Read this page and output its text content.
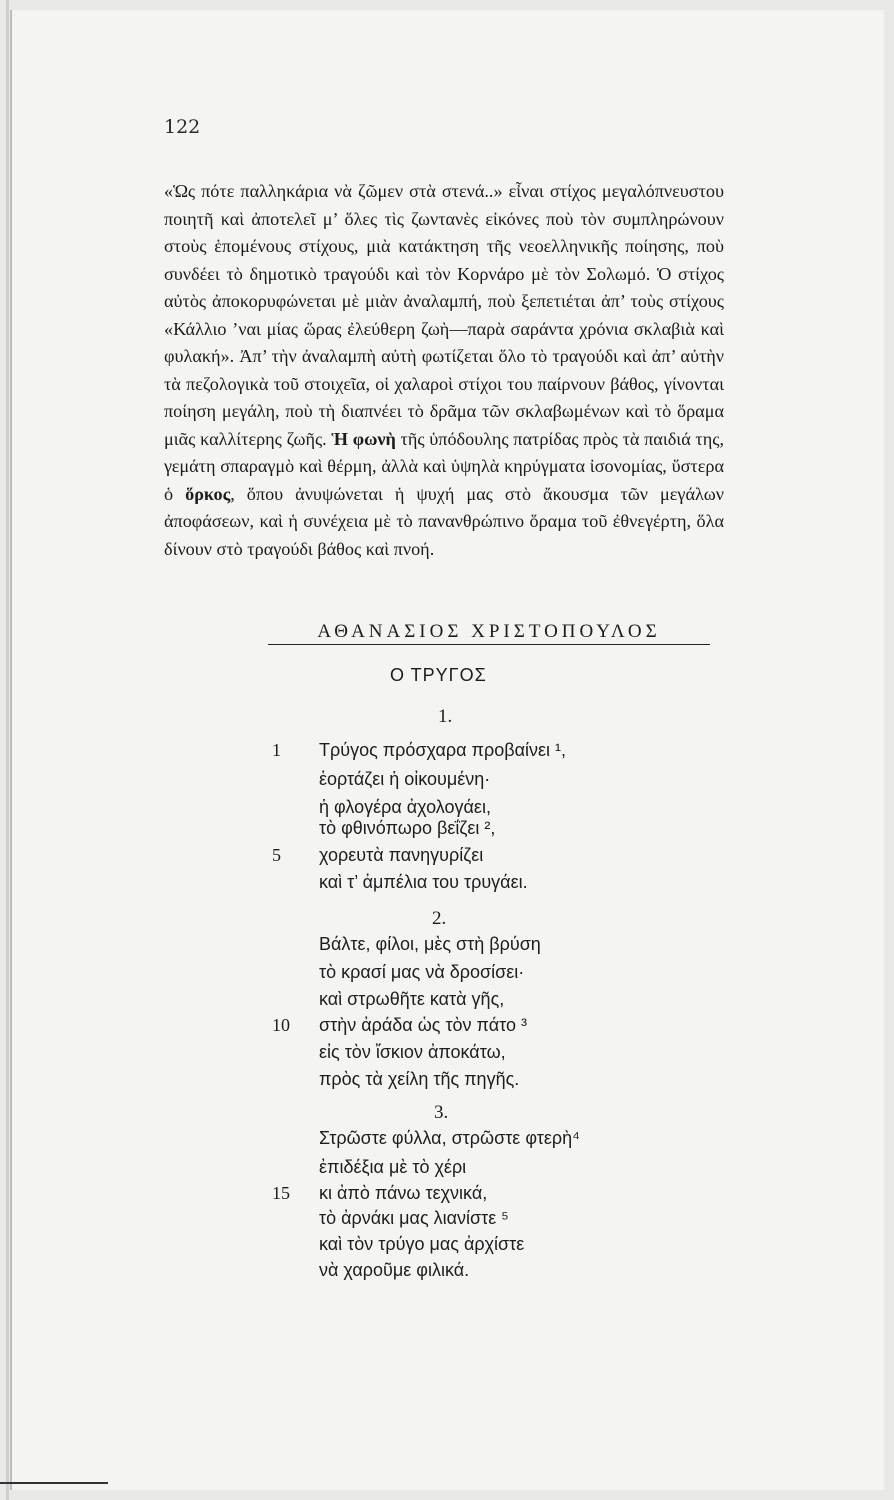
122

«Ὡς πότε παλληκάρια νὰ ζῶμεν στὰ στενά..» εἶναι στίχος μεγαλόπνευστου ποιητῆ καὶ ἀποτελεῖ μ’ ὅλες τὶς ζωντανὲς εἰκόνες ποὺ τὸν συμπληρώνουν στοὺς ἑπομένους στίχους, μιὰ κατάκτηση τῆς νεοελληνικῆς ποίησης, ποὺ συνδέει τὸ δημοτικὸ τραγούδι καὶ τὸν Κορνάρο μὲ τὸν Σολωμό. Ὁ στίχος αὐτὸς ἀποκορυφώνεται μὲ μιὰν ἀναλαμπή, ποὺ ξεπετιέται ἀπ’ τοὺς στίχους «Κάλλιο ’ναι μίας ὥρας ἐλεύθερη ζωὴ—παρὰ σαράντα χρόνια σκλαβιὰ καὶ φυλακή». Ἀπ’ τὴν ἀναλαμπὴ αὐτὴ φωτίζεται ὅλο τὸ τραγούδι καὶ ἀπ’ αὐτὴν τὰ πεζολογικὰ τοῦ στοιχεῖα, οἱ χαλαροὶ στίχοι του παίρνουν βάθος, γίνονται ποίηση μεγάλη, ποὺ τὴ διαπνέει τὸ δρᾶμα τῶν σκλαβωμένων καὶ τὸ ὅραμα μιᾶς καλλίτερης ζωῆς. Ἡ φωνὴ τῆς ὑπόδουλης πατρίδας πρὸς τὰ παιδιά της, γεμάτη σπαραγμὸ καὶ θέρμη, ἀλλὰ καὶ ὑψηλὰ κηρύγματα ἰσονομίας, ὕστερα ὁ ὅρκος, ὅπου ἀνυψώνεται ἡ ψυχή μας στὸ ἄκουσμα τῶν μεγάλων ἀποφάσεων, καὶ ἡ συνέχεια μὲ τὸ πανανθρώπινο ὅραμα τοῦ ἐθνεγέρτη, ὅλα δίνουν στὸ τραγούδι βάθος καὶ πνοή.

ΑΘΑΝΑΣΙΟΣ ΧΡΙΣΤΟΠΟΥΛΟΣ
Ο ΤΡΥΓΟΣ
1.
1 Τρύγος πρόσχαρα προβαίνει ¹,
ἑορτάζει ἡ οἰκουμένη·
ἡ φλογέρα ἀχολογάει,
τὸ φθινόπωρο βεΐζει ²,
5 χορευτὰ πανηγυρίζει
καὶ τ’ ἀμπέλια του τρυγάει.
2.
Βάλτε, φίλοι, μὲς στὴ βρύση
τὸ κρασί μας νὰ δροσίσει·
καὶ στρωθῆτε κατὰ γῆς,
10 στὴν ἀράδα ὡς τὸν πάτο ³
εἰς τὸν ἴσκιον ἀποκάτω,
πρὸς τὰ χείλη τῆς πηγῆς.
3.
Στρῶστε φύλλα, στρῶστε φτερὴ⁴
ἐπιδέξια μὲ τὸ χέρι
15 κι ἀπὸ πάνω τεχνικά,
τὸ ἀρνάκι μας λιανίστε ⁵
καὶ τὸν τρύγο μας ἀρχίστε
νὰ χαροῦμε φιλικά.
